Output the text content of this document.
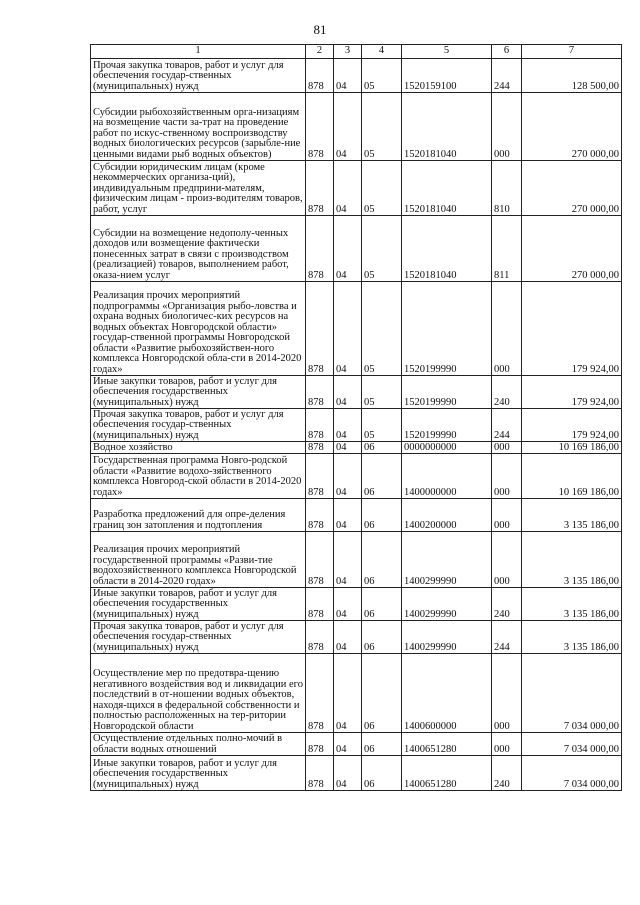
81
1	2	3	4	5	6	7
Прочая закупка товаров, работ и услуг для обеспечения государ-ственных (муниципальных) нужд	878	04	05	1520159100	244	128 500,00
Субсидии рыбохозяйственным орга-низациям на возмещение части за-трат на проведение работ по искус-ственному воспроизводству водных биологических ресурсов (зарыбле-ние ценными видами рыб водных объектов)	878	04	05	1520181040	000	270 000,00
Субсидии юридическим лицам (кроме некоммерческих организа-ций), индивидуальным предприни-мателям, физическим лицам - произ-водителям товаров, работ, услуг	878	04	05	1520181040	810	270 000,00
Субсидии на возмещение недополу-ченных доходов или возмещение фактически понесенных затрат в связи с производством (реализацией) товаров, выполнением работ, оказа-нием услуг	878	04	05	1520181040	811	270 000,00
Реализация прочих мероприятий подпрограммы «Организация рыбо-ловства и охрана водных биологичес-ких ресурсов на водных объектах Новгородской области» государ-ственной программы Новгородской области «Развитие рыбохозяйствен-ного комплекса Новгородской обла-сти в 2014-2020 годах»	878	04	05	1520199990	000	179 924,00
Иные закупки товаров, работ и услуг для обеспечения государственных (муниципальных) нужд	878	04	05	1520199990	240	179 924,00
Прочая закупка товаров, работ и услуг для обеспечения государ-ственных (муниципальных) нужд	878	04	05	1520199990	244	179 924,00
Водное хозяйство	878	04	06	0000000000	000	10 169 186,00
Государственная программа Новго-родской области «Развитие водохо-зяйственного комплекса Новгород-ской области в 2014-2020 годах»	878	04	06	1400000000	000	10 169 186,00
Разработка предложений для опре-деления границ зон затопления и подтопления	878	04	06	1400200000	000	3 135 186,00
Реализация прочих мероприятий государственной программы «Разви-тие водохозяйственного комплекса Новгородской области в 2014-2020 годах»	878	04	06	1400299990	000	3 135 186,00
Иные закупки товаров, работ и услуг для обеспечения государственных (муниципальных) нужд	878	04	06	1400299990	240	3 135 186,00
Прочая закупка товаров, работ и услуг для обеспечения государ-ственных (муниципальных) нужд	878	04	06	1400299990	244	3 135 186,00
Осуществление мер по предотвра-щению негативного воздействия вод и ликвидации его последствий в от-ношении водных объектов, находя-щихся в федеральной собственности и полностью расположенных на тер-ритории Новгородской области	878	04	06	1400600000	000	7 034 000,00
Осуществление отдельных полно-мочий в области водных отношений	878	04	06	1400651280	000	7 034 000,00
Иные закупки товаров, работ и услуг для обеспечения государственных (муниципальных) нужд	878	04	06	1400651280	240	7 034 000,00
